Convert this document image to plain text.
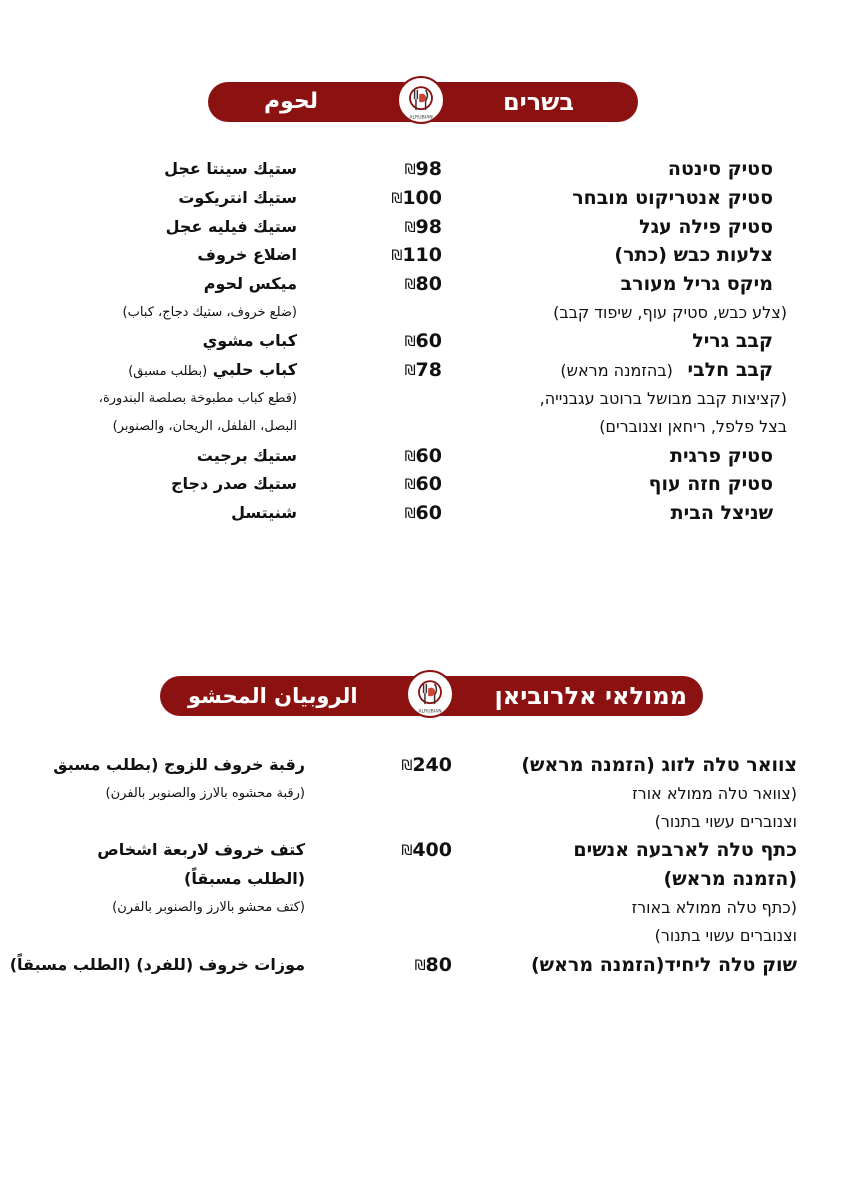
בשרים
لحوم
ALRUBIAN
סטיק סינטה
₪98
ستيك سينتا عجل
סטיק אנטריקוט מובחר
₪100
ستيك انتريكوت
סטיק פילה עגל
₪98
ستيك فيليه عجل
צלעות כבש (כתר)
₪110
اضلاع خروف
מיקס גריל מעורב
₪80
ميكس لحوم
(צלע כבש, סטיק עוף, שיפוד קבב)
(ضلع خروف، ستيك دجاج، كباب)
קבב גריל
₪60
كباب مشوي
קבב חלבי (בהזמנה מראש)
₪78
كباب حلبي (بطلب مسبق)
(קציצות קבב מבושל ברוטב עגבנייה,
(قطع كباب مطبوخة بصلصة البندورة،
בצל פלפל, ריחאן וצנוברים)
البصل، الفلفل، الريحان، والصنوبر)
סטיק פרגית
₪60
ستيك برجيت
סטיק חזה עוף
₪60
ستيك صدر دجاج
שניצל הבית
₪60
شنيتسل
ממולאי אלרוביאן
الروبيان المحشو
ALRUBIAN
צוואר טלה לזוג (הזמנה מראש)
₪240
رقبة خروف للزوج (بطلب مسبق
(צוואר טלה ממולא אורז
(رقبة محشوه بالارز والصنوبر بالفرن)
וצנוברים עשוי בתנור)
כתף טלה לארבעה אנשים
₪400
كتف خروف لاربعة اشخاص
(הזמנה מראש)
(الطلب مسبقاً)
(כתף טלה ממולא באורז
(كتف محشو بالارز والصنوبر بالفرن)
וצנוברים עשוי בתנור)
שוק טלה ליחיד(הזמנה מראש)
₪80
موزات خروف (للفرد) (الطلب مسبقاً)
